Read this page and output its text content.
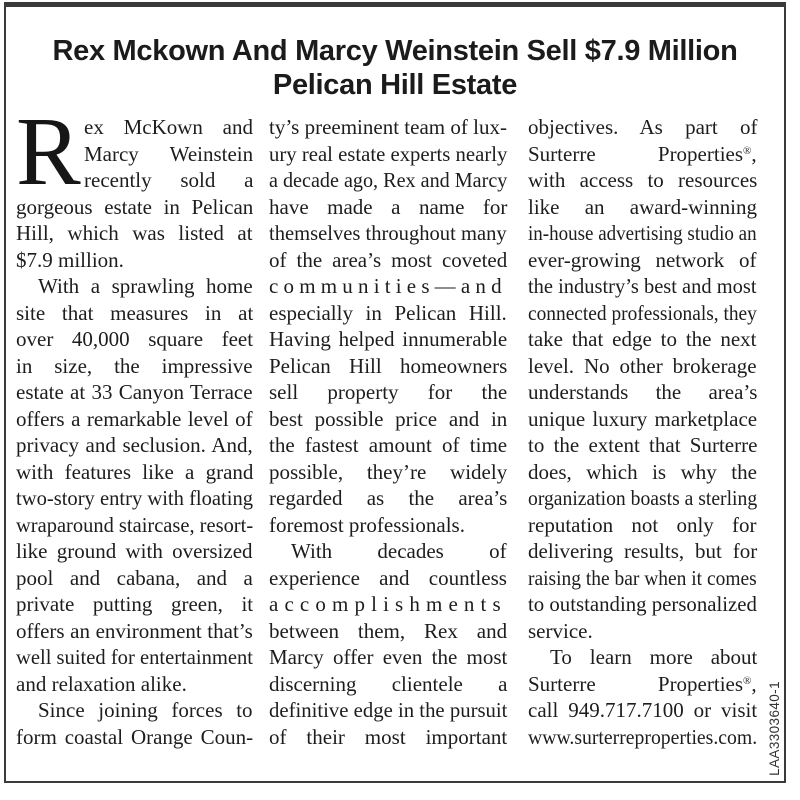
Rex Mckown And Marcy Weinstein Sell $7.9 Million
Pelican Hill Estate
R ex McKown and
Marcy Weinstein
recently sold a
gorgeous estate in Pelican
Hill, which was listed at
$7.9 million.
With a sprawling home
site that measures in at
over 40,000 square feet
in size, the impressive
estate at 33 Canyon Terrace
offers a remarkable level of
privacy and seclusion. And,
with features like a grand
two-story entry with floating
wraparound staircase, resort-
like ground with oversized
pool and cabana, and a
private putting green, it
offers an environment that’s
well suited for entertainment
and relaxation alike.
Since joining forces to
form coastal Orange Coun-
ty’s preeminent team of lux-
ury real estate experts nearly
a decade ago, Rex and Marcy
have made a name for
themselves throughout many
of the area’s most coveted
communities—and
especially in Pelican Hill.
Having helped innumerable
Pelican Hill homeowners
sell property for the
best possible price and in
the fastest amount of time
possible, they’re widely
regarded as the area’s
foremost professionals.
With decades of
experience and countless
accomplishments
between them, Rex and
Marcy offer even the most
discerning clientele a
definitive edge in the pursuit
of their most important
objectives. As part of
Surterre Properties®,
with access to resources
like an award-winning
in-house advertising studio an
ever-growing network of
the industry’s best and most
connected professionals, they
take that edge to the next
level. No other brokerage
understands the area’s
unique luxury marketplace
to the extent that Surterre
does, which is why the
organization boasts a sterling
reputation not only for
delivering results, but for
raising the bar when it comes
to outstanding personalized
service.
To learn more about
Surterre Properties®,
call 949.717.7100 or visit
www.surterreproperties.com. LAA3303640-1
